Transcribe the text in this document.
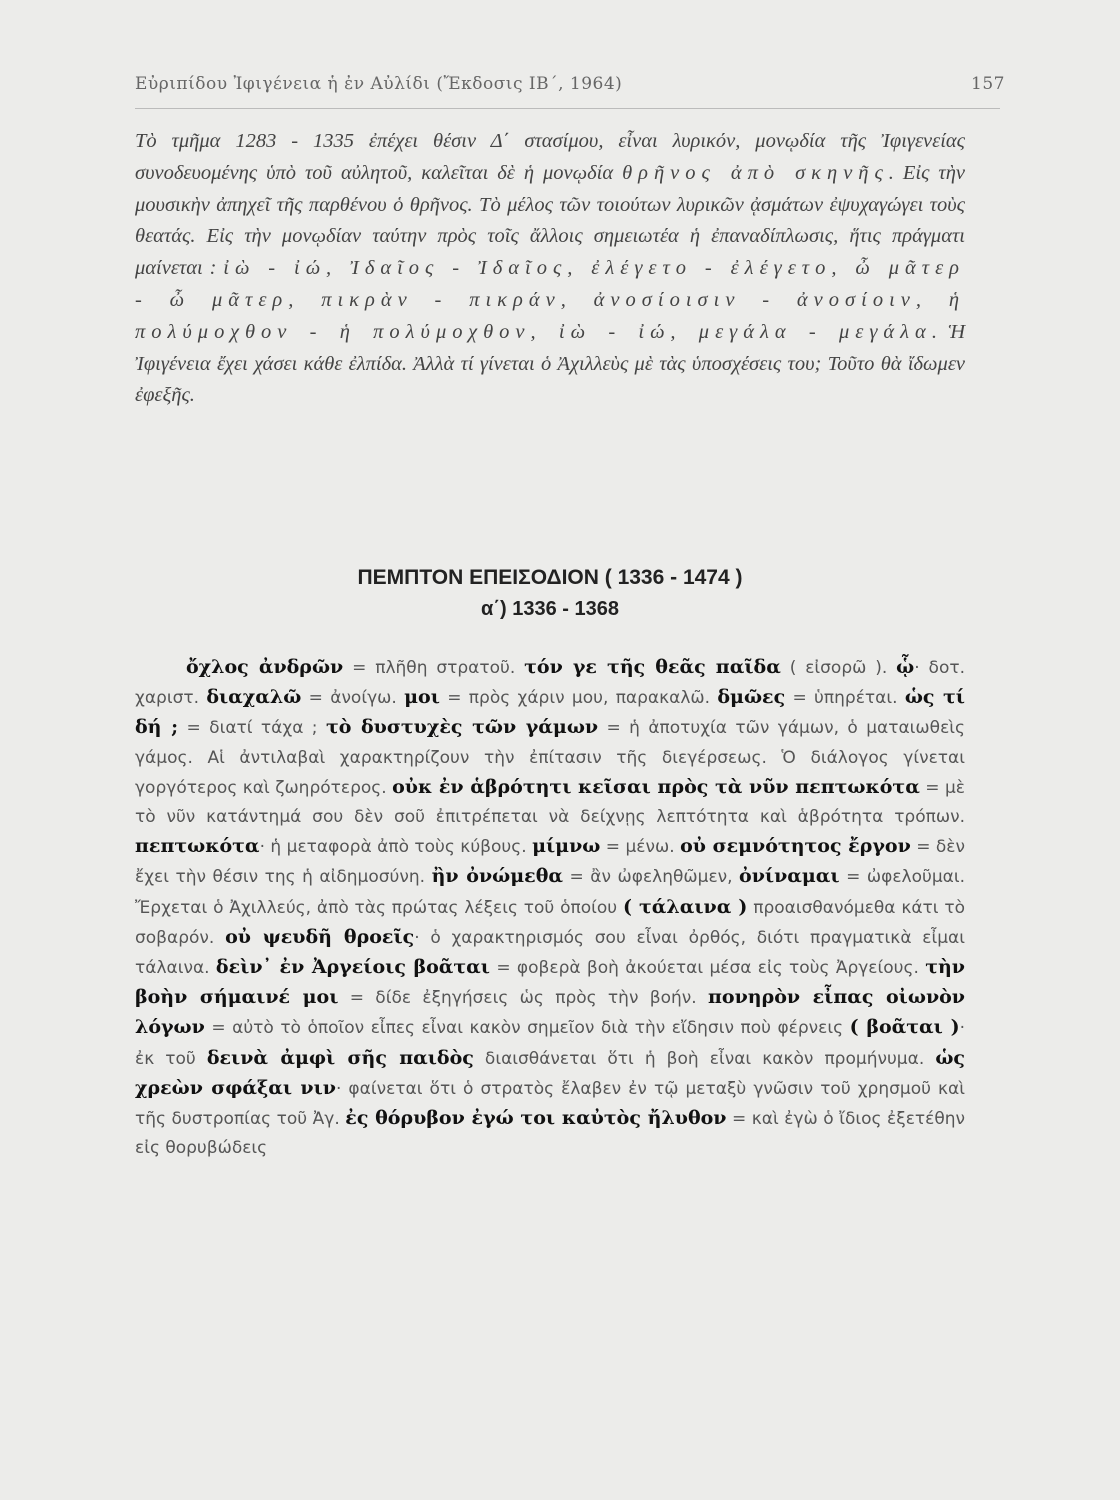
Εὐριπίδου Ἰφιγένεια ἡ ἐν Αὐλίδι (Ἔκδοσις ΙΒ΄, 1964)	157
Τὸ τμῆμα 1283 - 1335 ἐπέχει θέσιν Δ΄ στασίμου, εἶναι λυρικόν, μονῳδία τῆς Ἰφιγενείας συνοδευομένης ὑπὸ τοῦ αὐλητοῦ, καλεῖται δὲ ἡ μονῳδία θρῆνος ἀπὸ σκηνῆς. Εἰς τὴν μουσικὴν ἀπηχεῖ τῆς παρθένου ὁ θρῆνος. Τὸ μέλος τῶν τοιούτων λυρικῶν ᾀσμάτων ἐψυχαγώγει τοὺς θεατάς. Εἰς τὴν μονῳδίαν ταύτην πρὸς τοῖς ἄλλοις σημειωτέα ἡ ἐπαναδίπλωσις, ἥτις πράγματι μαίνεται : ἰὼ - ἰώ, Ἰδαῖος - Ἰδαῖος, ἐλέγετο - ἐλέγετο, ὦ μᾶτερ - ὦ μᾶτερ, πικρὰν - πικράν, ἀνοσίοισιν - ἀνοσίοιν, ἡ πολύμοχθον - ἡ πολύμοχθον, ἰὼ - ἰώ, μεγάλα - μεγάλα. Ἡ Ἰφιγένεια ἔχει χάσει κάθε ἐλπίδα. Ἀλλὰ τί γίνεται ὁ Ἀχιλλεὺς μὲ τὰς ὑποσχέσεις του; Τοῦτο θὰ ἴδωμεν ἐφεξῆς.
ΠΕΜΠΤΟΝ ΕΠΕΙΣΟΔΙΟΝ ( 1336 - 1474 )
α΄) 1336 - 1368
   ὄχλος ἀνδρῶν = πλῆθη στρατοῦ. τόν γε τῆς θεᾶς παῖδα ( εἰσορῶ ). ᾧ· δοτ. χαριστ. διαχαλῶ = ἀνοίγω. μοι = πρὸς χάριν μου, παρακαλῶ. δμῶες = ὑπηρέται. ὡς τί δή ; = διατί τάχα ; τὸ δυστυχὲς τῶν γάμων = ἡ ἀποτυχία τῶν γάμων, ὁ ματαιωθεὶς γάμος. Αἱ ἀντιλαβαὶ χαρακτηρίζουν τὴν ἐπίτασιν τῆς διεγέρσεως. Ὁ διάλογος γίνεται γοργότερος καὶ ζωηρότερος. οὐκ ἐν ἁβρότητι κεῖσαι πρὸς τὰ νῦν πεπτωκότα = μὲ τὸ νῦν κατάντημά σου δὲν σοῦ ἐπιτρέπεται νὰ δείχνῃς λεπτότητα καὶ ἁβρότητα τρόπων. πεπτωκότα· ἡ μεταφορὰ ἀπὸ τοὺς κύβους. μίμνω = μένω. οὐ σεμνότητος ἔργον = δὲν ἔχει τὴν θέσιν της ἡ αἰδημοσύνη. ἢν ὀνώμεθα = ἂν ὠφεληθῶμεν, ὀνίναμαι = ὠφελοῦμαι. Ἔρχεται ὁ Ἀχιλλεύς, ἀπὸ τὰς πρώτας λέξεις τοῦ ὁποίου ( τάλαινα ) προαισθανόμεθα κάτι τὸ σοβαρόν. οὐ ψευδῆ θροεῖς· ὁ χαρακτηρισμός σου εἶναι ὀρθός, διότι πραγματικὰ εἶμαι τάλαινα. δεὶν᾽ ἐν Ἀργείοις βοᾶται = φοβερὰ βοὴ ἀκούεται μέσα εἰς τοὺς Ἀργείους. τὴν βοὴν σήμαινέ μοι = δίδε ἐξηγήσεις ὡς πρὸς τὴν βοήν. πονηρὸν εἶπας οἰωνὸν λόγων = αὐτὸ τὸ ὁποῖον εἶπες εἶναι κακὸν σημεῖον διὰ τὴν εἴδησιν ποὺ φέρνεις ( βοᾶται )· ἐκ τοῦ δεινὰ ἀμφὶ σῆς παιδὸς διαισθάνεται ὅτι ἡ βοὴ εἶναι κακὸν προμήνυμα. ὡς χρεὼν σφάξαι νιν· φαίνεται ὅτι ὁ στρατὸς ἔλαβεν ἐν τῷ μεταξὺ γνῶσιν τοῦ χρησμοῦ καὶ τῆς δυστροπίας τοῦ Ἀγ. ἐς θόρυβον ἐγώ τοι καὐτὸς ἤλυθον = καὶ ἐγὼ ὁ ἴδιος ἐξετέθην εἰς θορυβώδεις
